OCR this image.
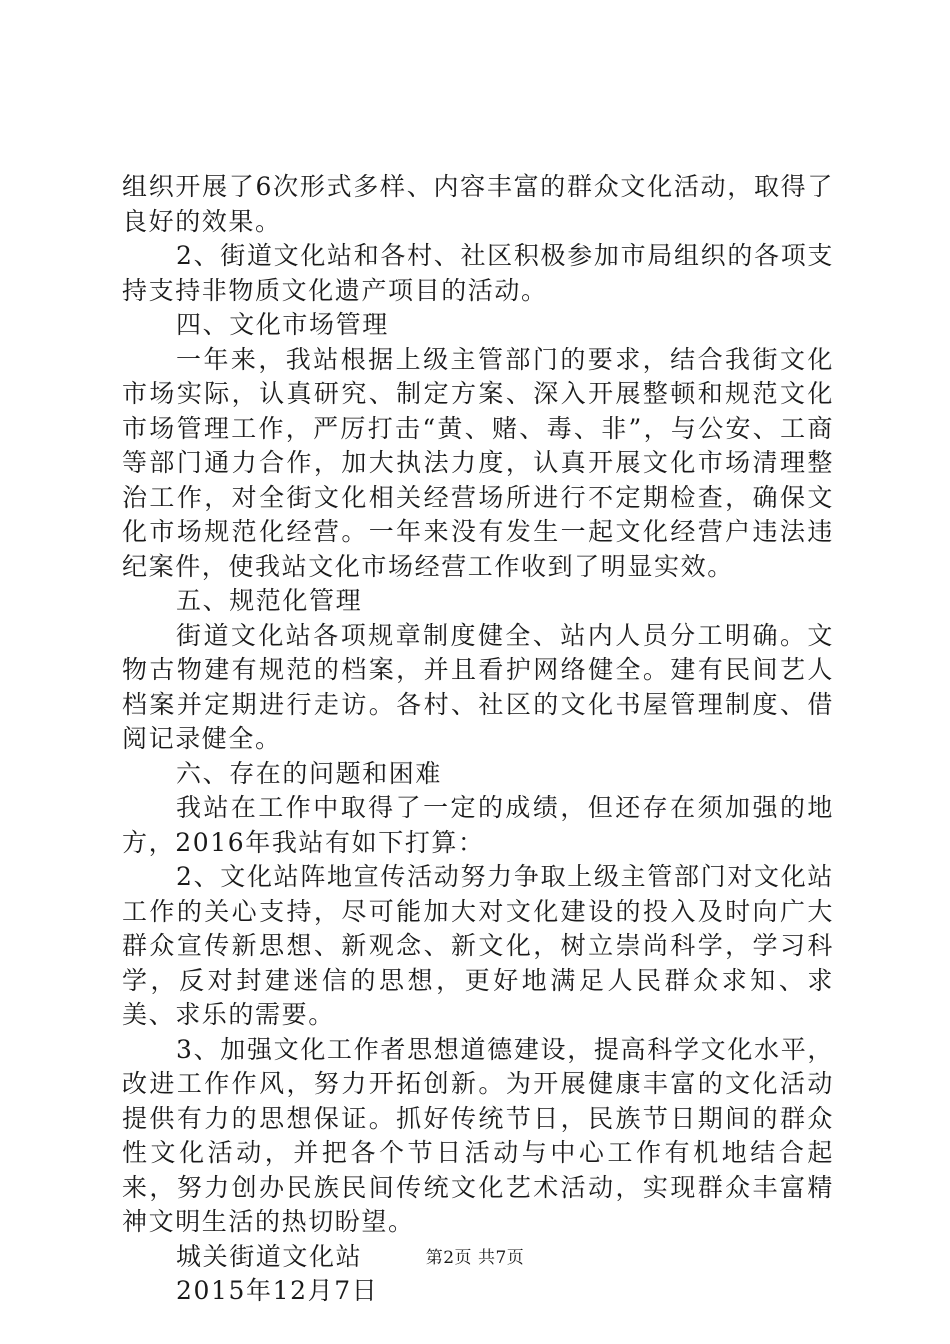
组织开展了6次形式多样、内容丰富的群众文化活动，取得了良好的效果。

2、街道文化站和各村、社区积极参加市局组织的各项支持支持非物质文化遗产项目的活动。

四、文化市场管理

一年来，我站根据上级主管部门的要求，结合我街文化市场实际，认真研究、制定方案、深入开展整顿和规范文化市场管理工作，严厉打击“黄、赌、毒、非”，与公安、工商等部门通力合作，加大执法力度，认真开展文化市场清理整治工作，对全街文化相关经营场所进行不定期检查，确保文化市场规范化经营。一年来没有发生一起文化经营户违法违纪案件，使我站文化市场经营工作收到了明显实效。

五、规范化管理

街道文化站各项规章制度健全、站内人员分工明确。文物古物建有规范的档案，并且看护网络健全。建有民间艺人档案并定期进行走访。各村、社区的文化书屋管理制度、借阅记录健全。

六、存在的问题和困难

我站在工作中取得了一定的成绩，但还存在须加强的地方，2016年我站有如下打算：

2、文化站阵地宣传活动努力争取上级主管部门对文化站工作的关心支持，尽可能加大对文化建设的投入及时向广大群众宣传新思想、新观念、新文化，树立崇尚科学，学习科学，反对封建迷信的思想，更好地满足人民群众求知、求美、求乐的需要。

3、加强文化工作者思想道德建设，提高科学文化水平，改进工作作风，努力开拓创新。为开展健康丰富的文化活动提供有力的思想保证。抓好传统节日，民族节日期间的群众性文化活动，并把各个节日活动与中心工作有机地结合起来，努力创办民族民间传统文化艺术活动，实现群众丰富精神文明生活的热切盼望。

城关街道文化站

2015年12月7日

第2页 共7页
